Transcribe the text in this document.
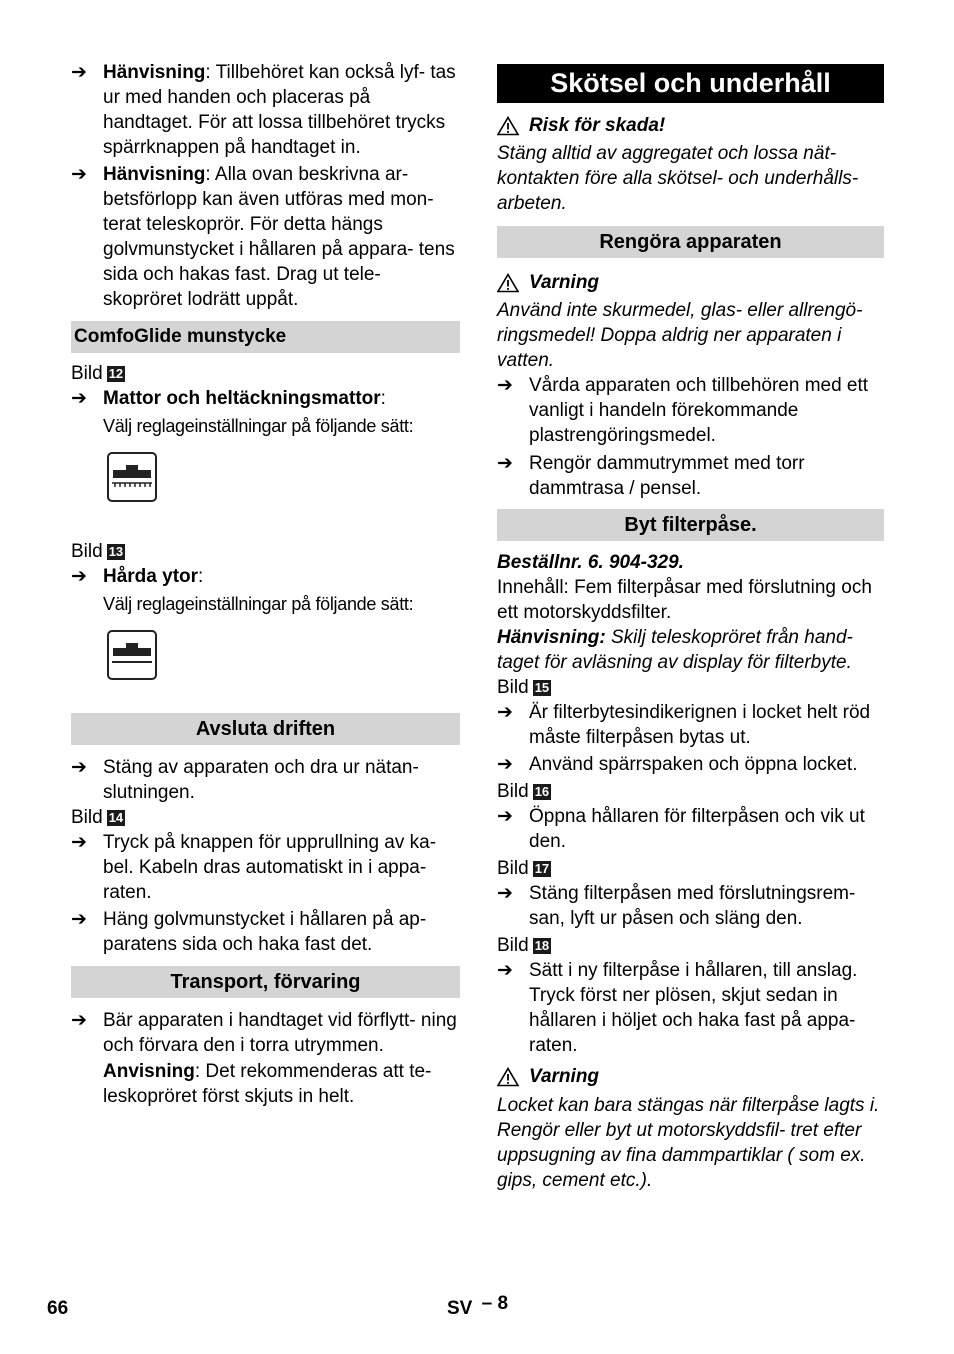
➔ Hänvisning: Tillbehöret kan också lyf- tas ur med handen och placeras på handtaget. För att lossa tillbehöret trycks spärrknappen på handtaget in.
➔ Hänvisning: Alla ovan beskrivna ar- betsförlopp kan även utföras med mon- terat teleskoprör. För detta hängs golvmunstycket i hållaren på appara- tens sida och hakas fast. Drag ut tele- skopröret lodrätt uppåt.
ComfoGlide munstycke

Bild 12

➔ Mattor och heltäckningsmattor:

Välj reglageinställningar på följande sätt:

Bild 13

➔ Hårda ytor:

Välj reglageinställningar på följande sätt:

Avsluta driften
➔ Stäng av apparaten och dra ur nätan- slutningen.

Bild 14

➔ Tryck på knappen för upprullning av ka- bel. Kabeln dras automatiskt in i appa- raten.
➔ Häng golvmunstycket i hållaren på ap- paratens sida och haka fast det.
Transport, förvaring
➔ Bär apparaten i handtaget vid förflytt- ning och förvara den i torra utrymmen.

Anvisning: Det rekommenderas att te- leskopröret först skjuts in helt.

Skötsel och underhåll
Risk för skada!

Stäng alltid av aggregatet och lossa nät- kontakten före alla skötsel- och underhålls- arbeten.

Rengöra apparaten
Varning

Använd inte skurmedel, glas- eller allrengö- ringsmedel! Doppa aldrig ner apparaten i vatten.

➔ Vårda apparaten och tillbehören med ett vanligt i handeln förekommande plastrengöringsmedel.
➔ Rengör dammutrymmet med torr dammtrasa / pensel.
Byt filterpåse.

Beställnr. 6. 904-329.

Innehåll: Fem filterpåsar med förslutning och ett motorskyddsfilter.

Hänvisning: Skilj teleskopröret från hand- taget för avläsning av display för filterbyte.

Bild 15

➔ Är filterbytesindikerignen i locket helt röd måste filterpåsen bytas ut.
➔ Använd spärrspaken och öppna locket.

Bild 16

➔ Öppna hållaren för filterpåsen och vik ut den.

Bild 17

➔ Stäng filterpåsen med förslutningsrem- san, lyft ur påsen och släng den.

Bild 18

➔ Sätt i ny filterpåse i hållaren, till anslag. Tryck först ner plösen, skjut sedan in hållaren i höljet och haka fast på appa- raten.
Varning

Locket kan bara stängas när filterpåse lagts i. Rengör eller byt ut motorskyddsfil- tret efter uppsugning av fina dammpartiklar ( som ex. gips, cement etc.).

66	SV – 8
